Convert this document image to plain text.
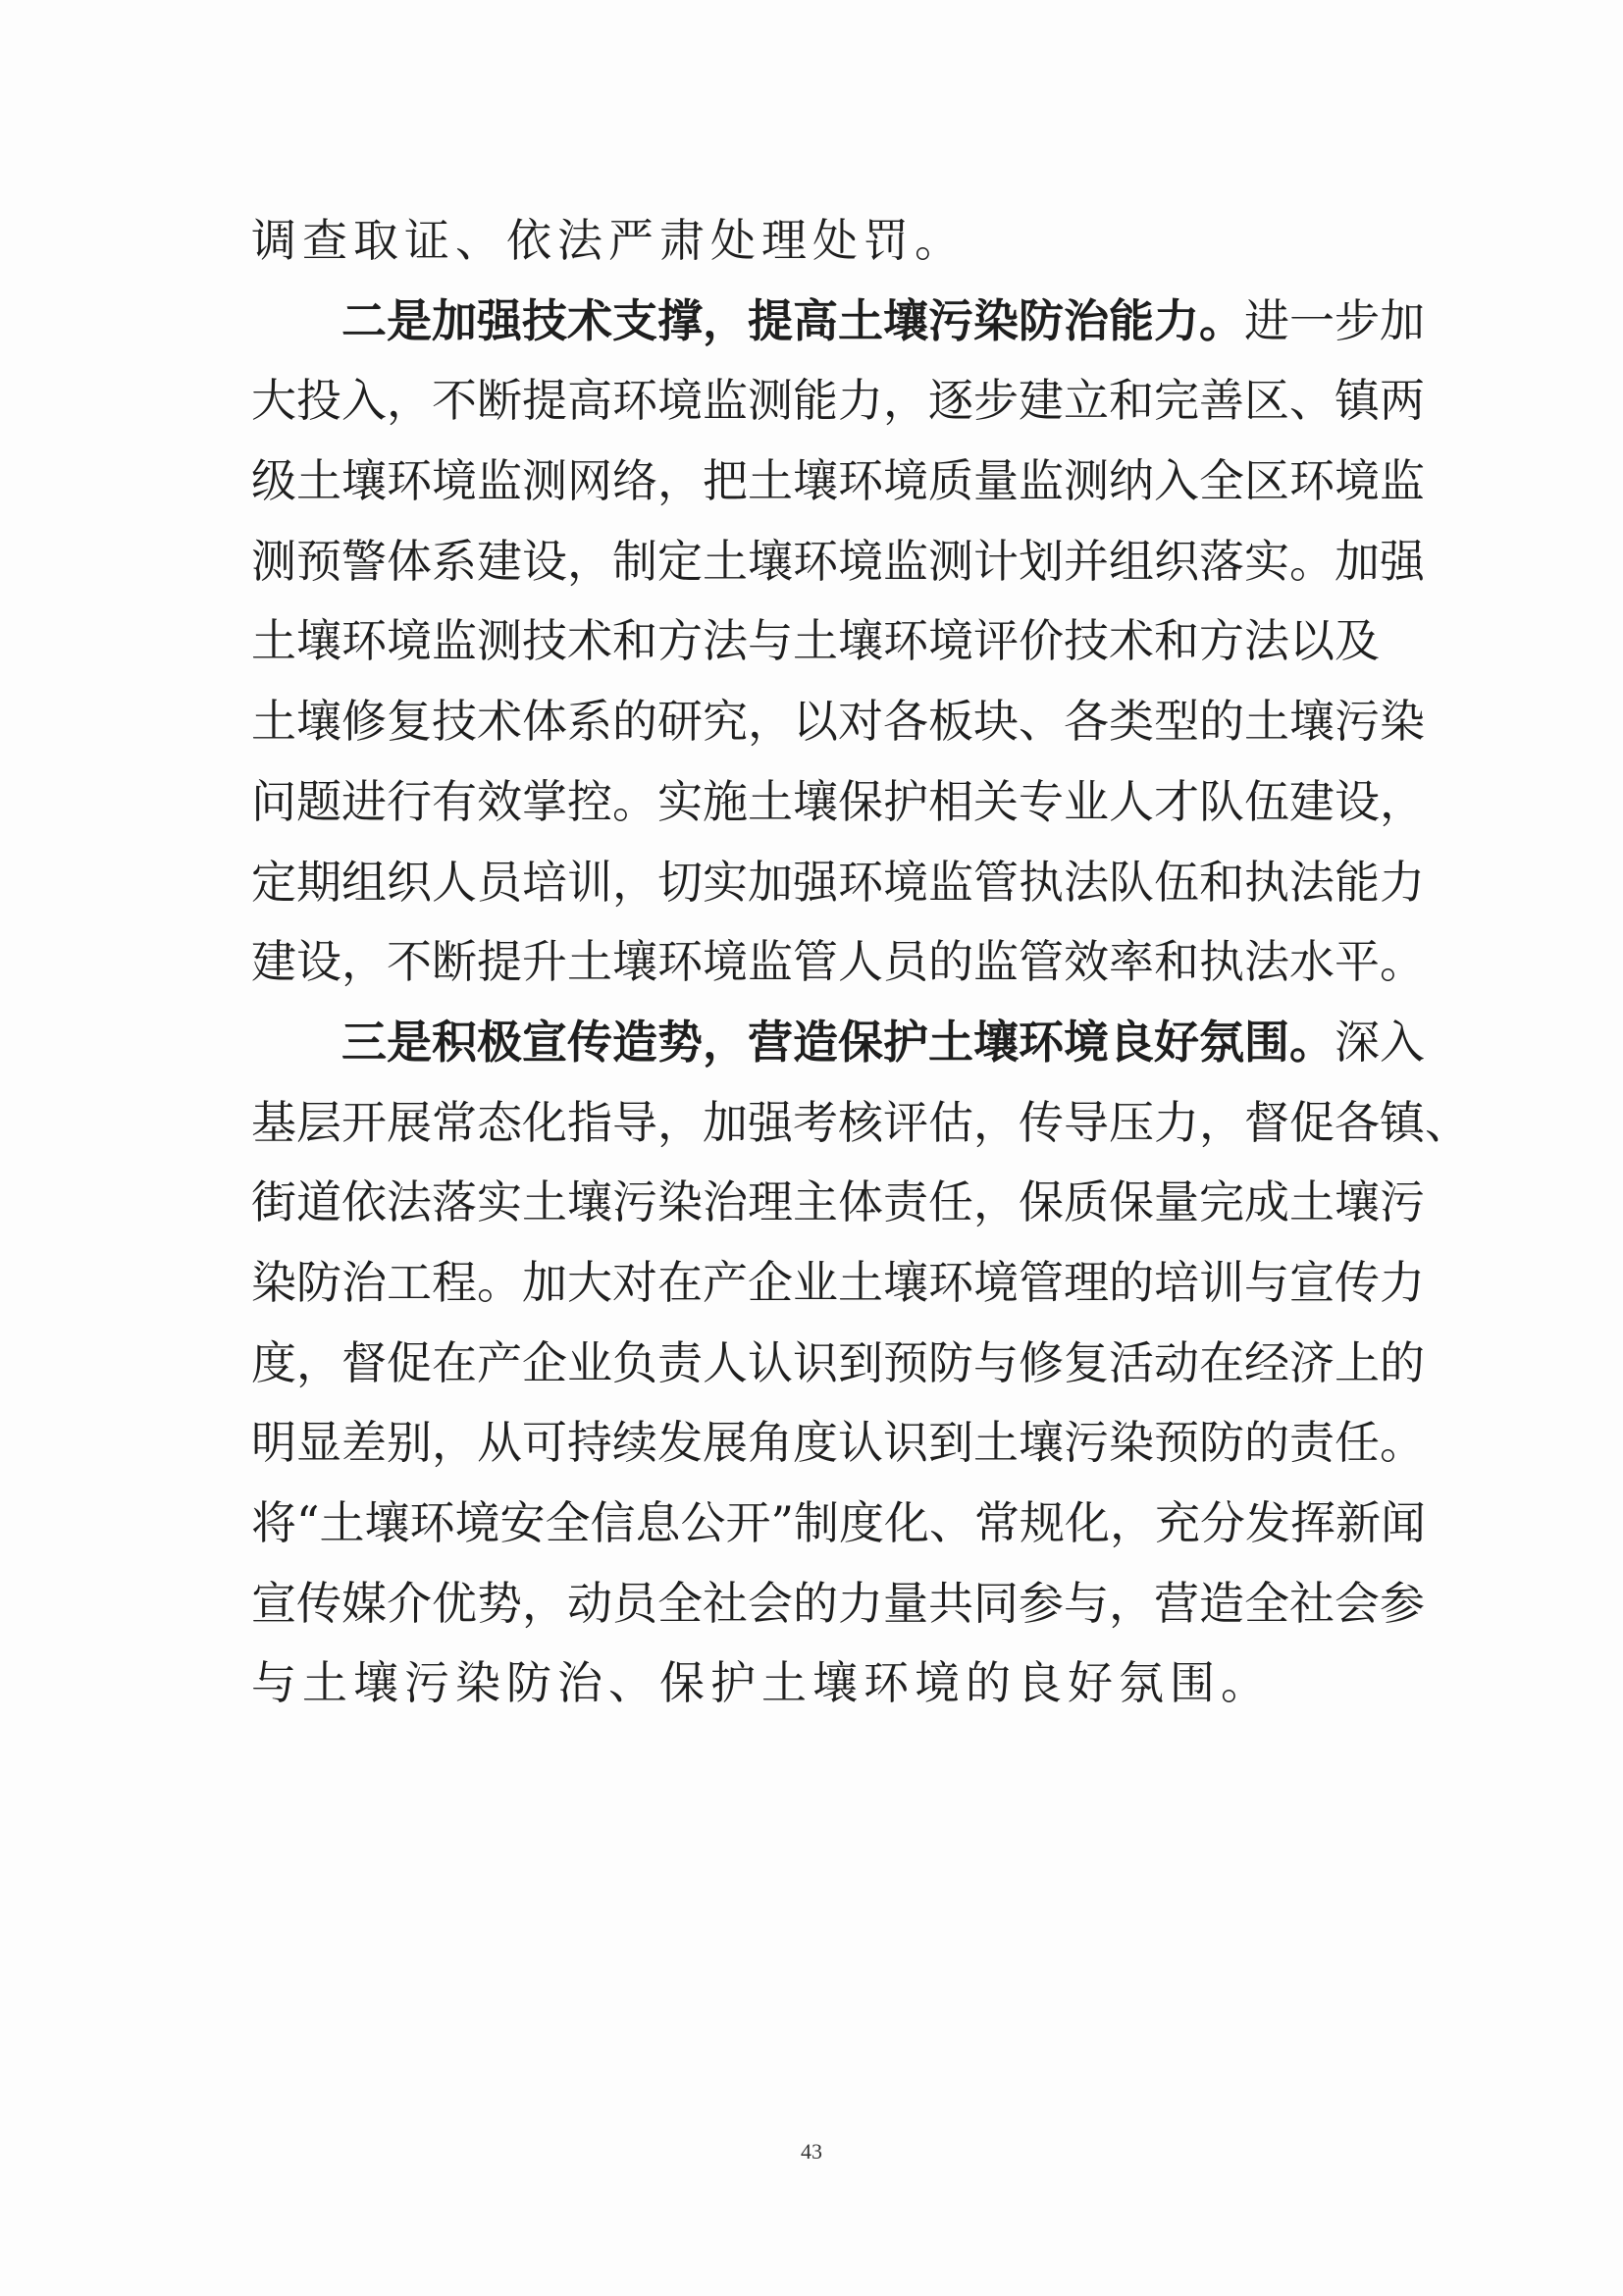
调查取证、依法严肃处理处罚。
二是加强技术支撑，提高土壤污染防治能力。进一步加
大投入，不断提高环境监测能力，逐步建立和完善区、镇两
级土壤环境监测网络，把土壤环境质量监测纳入全区环境监
测预警体系建设，制定土壤环境监测计划并组织落实。加强
土壤环境监测技术和方法与土壤环境评价技术和方法以及
土壤修复技术体系的研究，以对各板块、各类型的土壤污染
问题进行有效掌控。实施土壤保护相关专业人才队伍建设，
定期组织人员培训，切实加强环境监管执法队伍和执法能力
建设，不断提升土壤环境监管人员的监管效率和执法水平。
三是积极宣传造势，营造保护土壤环境良好氛围。深入
基层开展常态化指导，加强考核评估，传导压力，督促各镇、
街道依法落实土壤污染治理主体责任，保质保量完成土壤污
染防治工程。加大对在产企业土壤环境管理的培训与宣传力
度，督促在产企业负责人认识到预防与修复活动在经济上的
明显差别，从可持续发展角度认识到土壤污染预防的责任。
将“土壤环境安全信息公开”制度化、常规化，充分发挥新闻
宣传媒介优势，动员全社会的力量共同参与，营造全社会参
与土壤污染防治、保护土壤环境的良好氛围。
43
